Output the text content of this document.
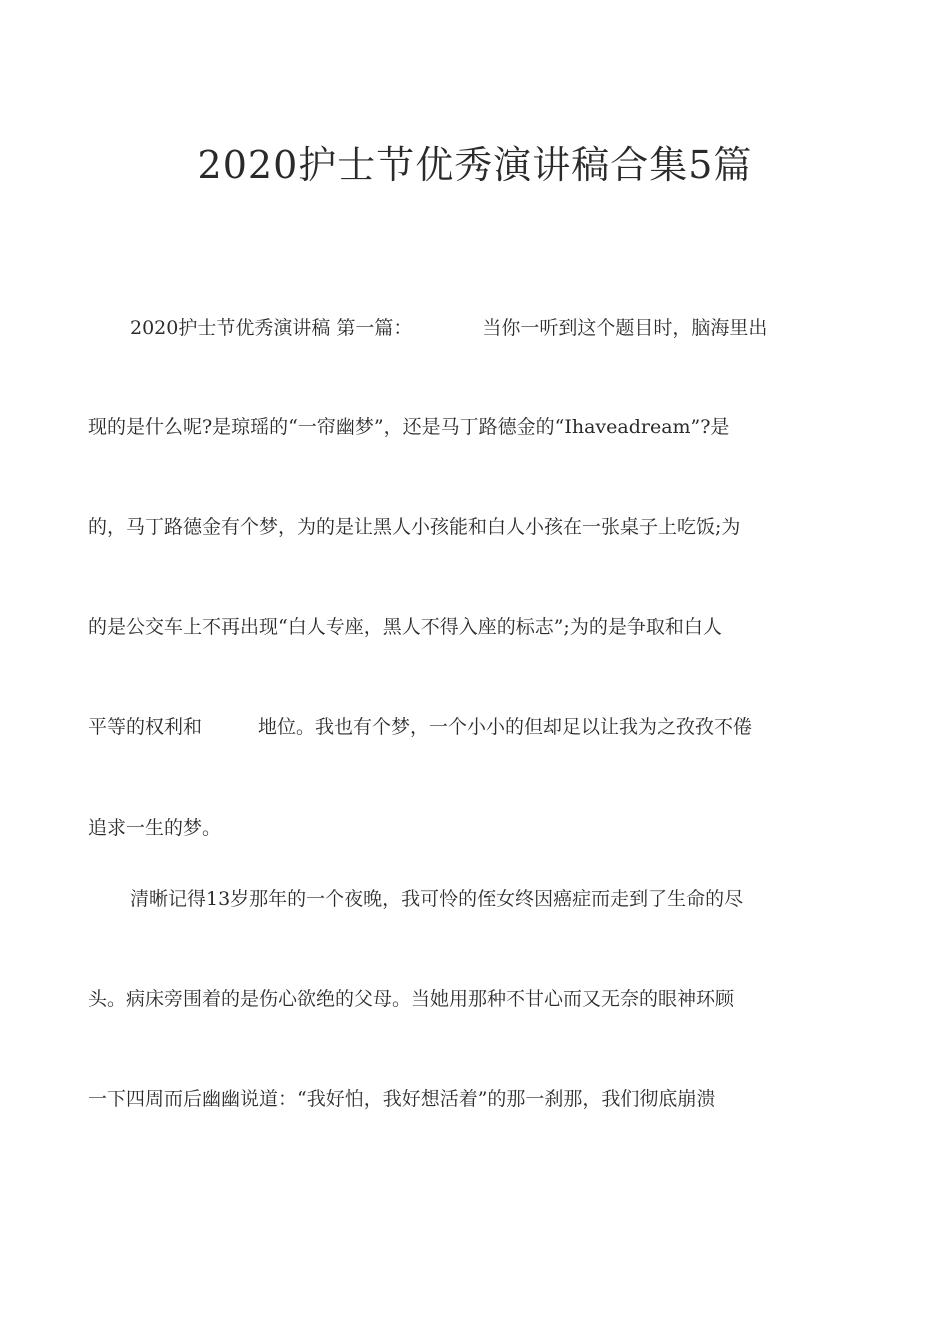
2020护士节优秀演讲稿合集5篇
2020护士节优秀演讲稿 第一篇：	当你一听到这个题目时，脑海里出
现的是什么呢?是琼瑶的“一帘幽梦”，还是马丁路德金的“Ihaveadream”?是
的，马丁路德金有个梦，为的是让黑人小孩能和白人小孩在一张桌子上吃饭;为
的是公交车上不再出现“白人专座，黑人不得入座的标志”;为的是争取和白人
平等的权利和	地位。我也有个梦，一个小小的但却足以让我为之孜孜不倦
追求一生的梦。
清晰记得13岁那年的一个夜晚，我可怜的侄女终因癌症而走到了生命的尽
头。病床旁围着的是伤心欲绝的父母。当她用那种不甘心而又无奈的眼神环顾
一下四周而后幽幽说道：“我好怕，我好想活着”的那一刹那，我们彻底崩溃
